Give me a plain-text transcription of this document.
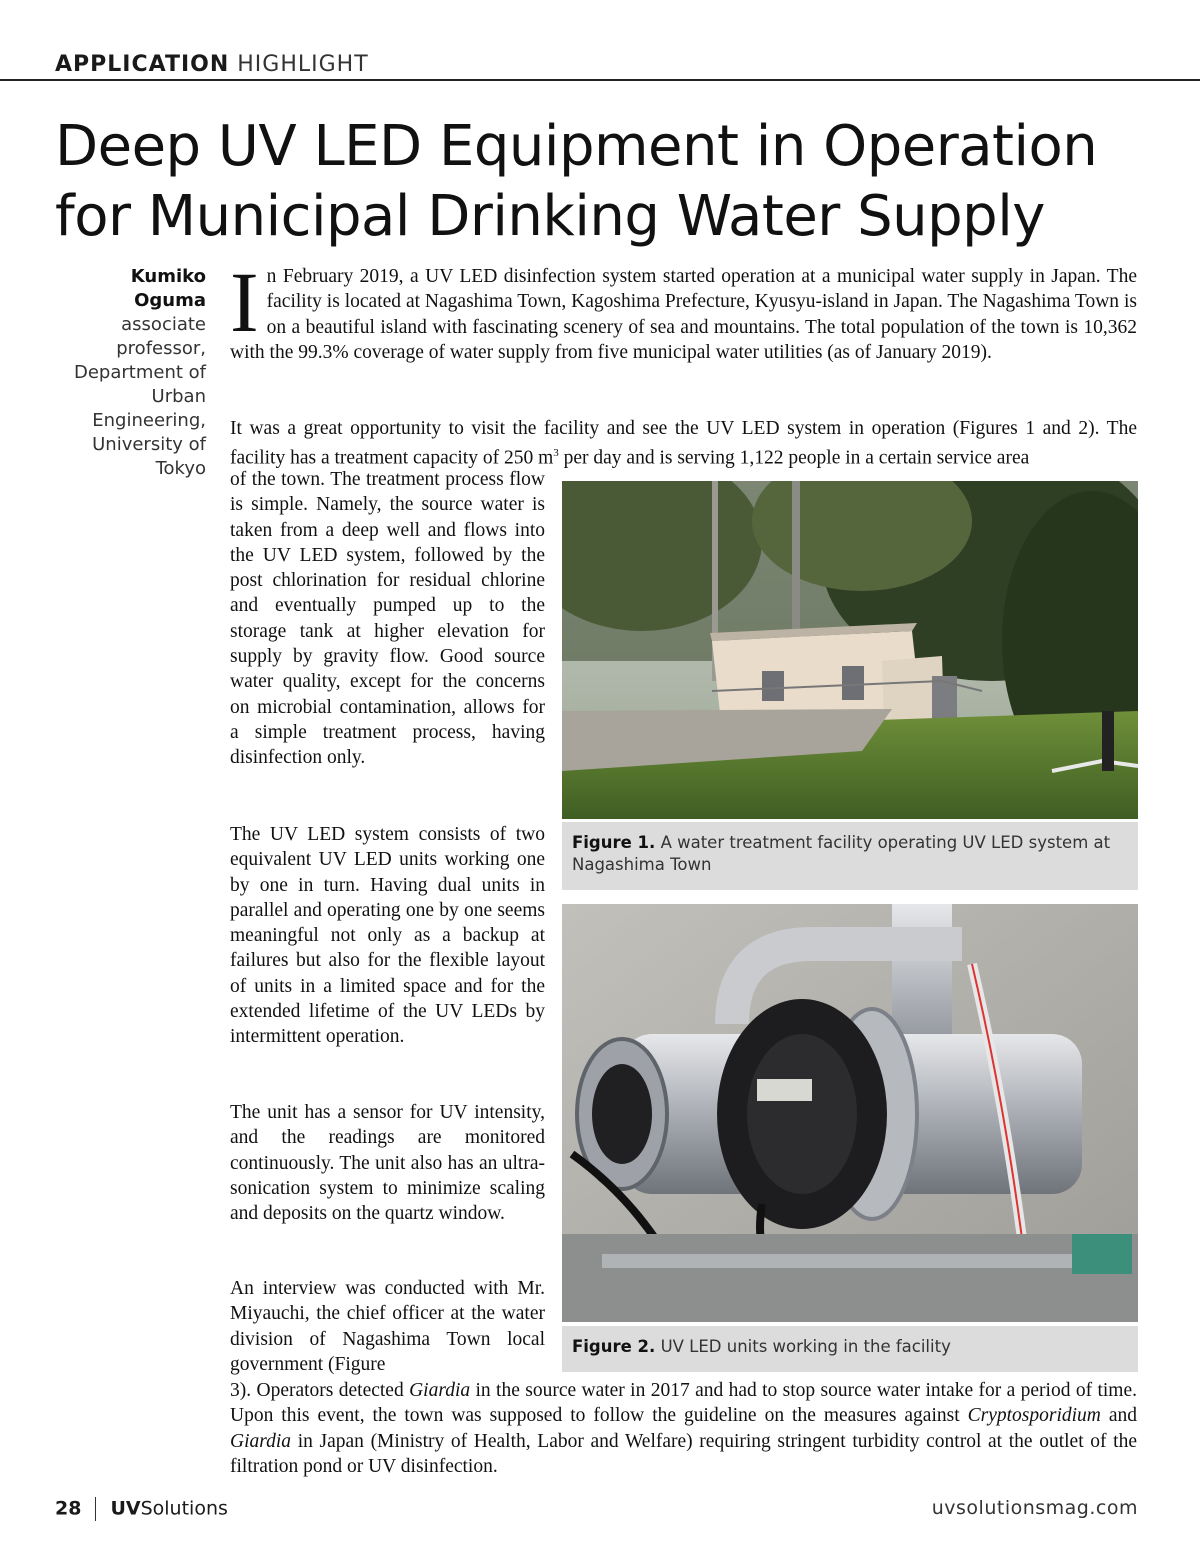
APPLICATION HIGHLIGHT
Deep UV LED Equipment in Operation for Municipal Drinking Water Supply
Kumiko
Oguma
associate professor, Department of Urban Engineering, University of Tokyo
In February 2019, a UV LED disinfection system started operation at a municipal water supply in Japan. The facility is located at Nagashima Town, Kagoshima Prefecture, Kyusyu-island in Japan. The Nagashima Town is on a beautiful island with fascinating scenery of sea and mountains. The total population of the town is 10,362 with the 99.3% coverage of water supply from five municipal water utilities (as of January 2019).
It was a great opportunity to visit the facility and see the UV LED system in operation (Figures 1 and 2). The facility has a treatment capacity of 250 $m^3$ per day and is serving 1,122 people in a certain service area
of the town. The treatment process flow is simple. Namely, the source water is taken from a deep well and flows into the UV LED system, followed by the post chlorination for residual chlorine and eventually pumped up to the storage tank at higher elevation for supply by gravity flow. Good source water quality, except for the concerns on microbial contamination, allows for a simple treatment process, having disinfection only.
The UV LED system consists of two equivalent UV LED units working one by one in turn. Having dual units in parallel and operating one by one seems meaningful not only as a backup at failures but also for the flexible layout of units in a limited space and for the extended lifetime of the UV LEDs by intermittent operation.
The unit has a sensor for UV intensity, and the readings are monitored continuously. The unit also has an ultra-sonication system to minimize scaling and deposits on the quartz window.
An interview was conducted with Mr. Miyauchi, the chief officer at the water division of Nagashima Town local government (Figure
3). Operators detected Giardia in the source water in 2017 and had to stop source water intake for a period of time. Upon this event, the town was supposed to follow the guideline on the measures against Cryptosporidium and Giardia in Japan (Ministry of Health, Labor and Welfare) requiring stringent turbidity control at the outlet of the filtration pond or UV disinfection.
Figure 1. A water treatment facility operating UV LED system at Nagashima Town
Figure 2. UV LED units working in the facility
28 UVSolutions	uvsolutionsmag.com
